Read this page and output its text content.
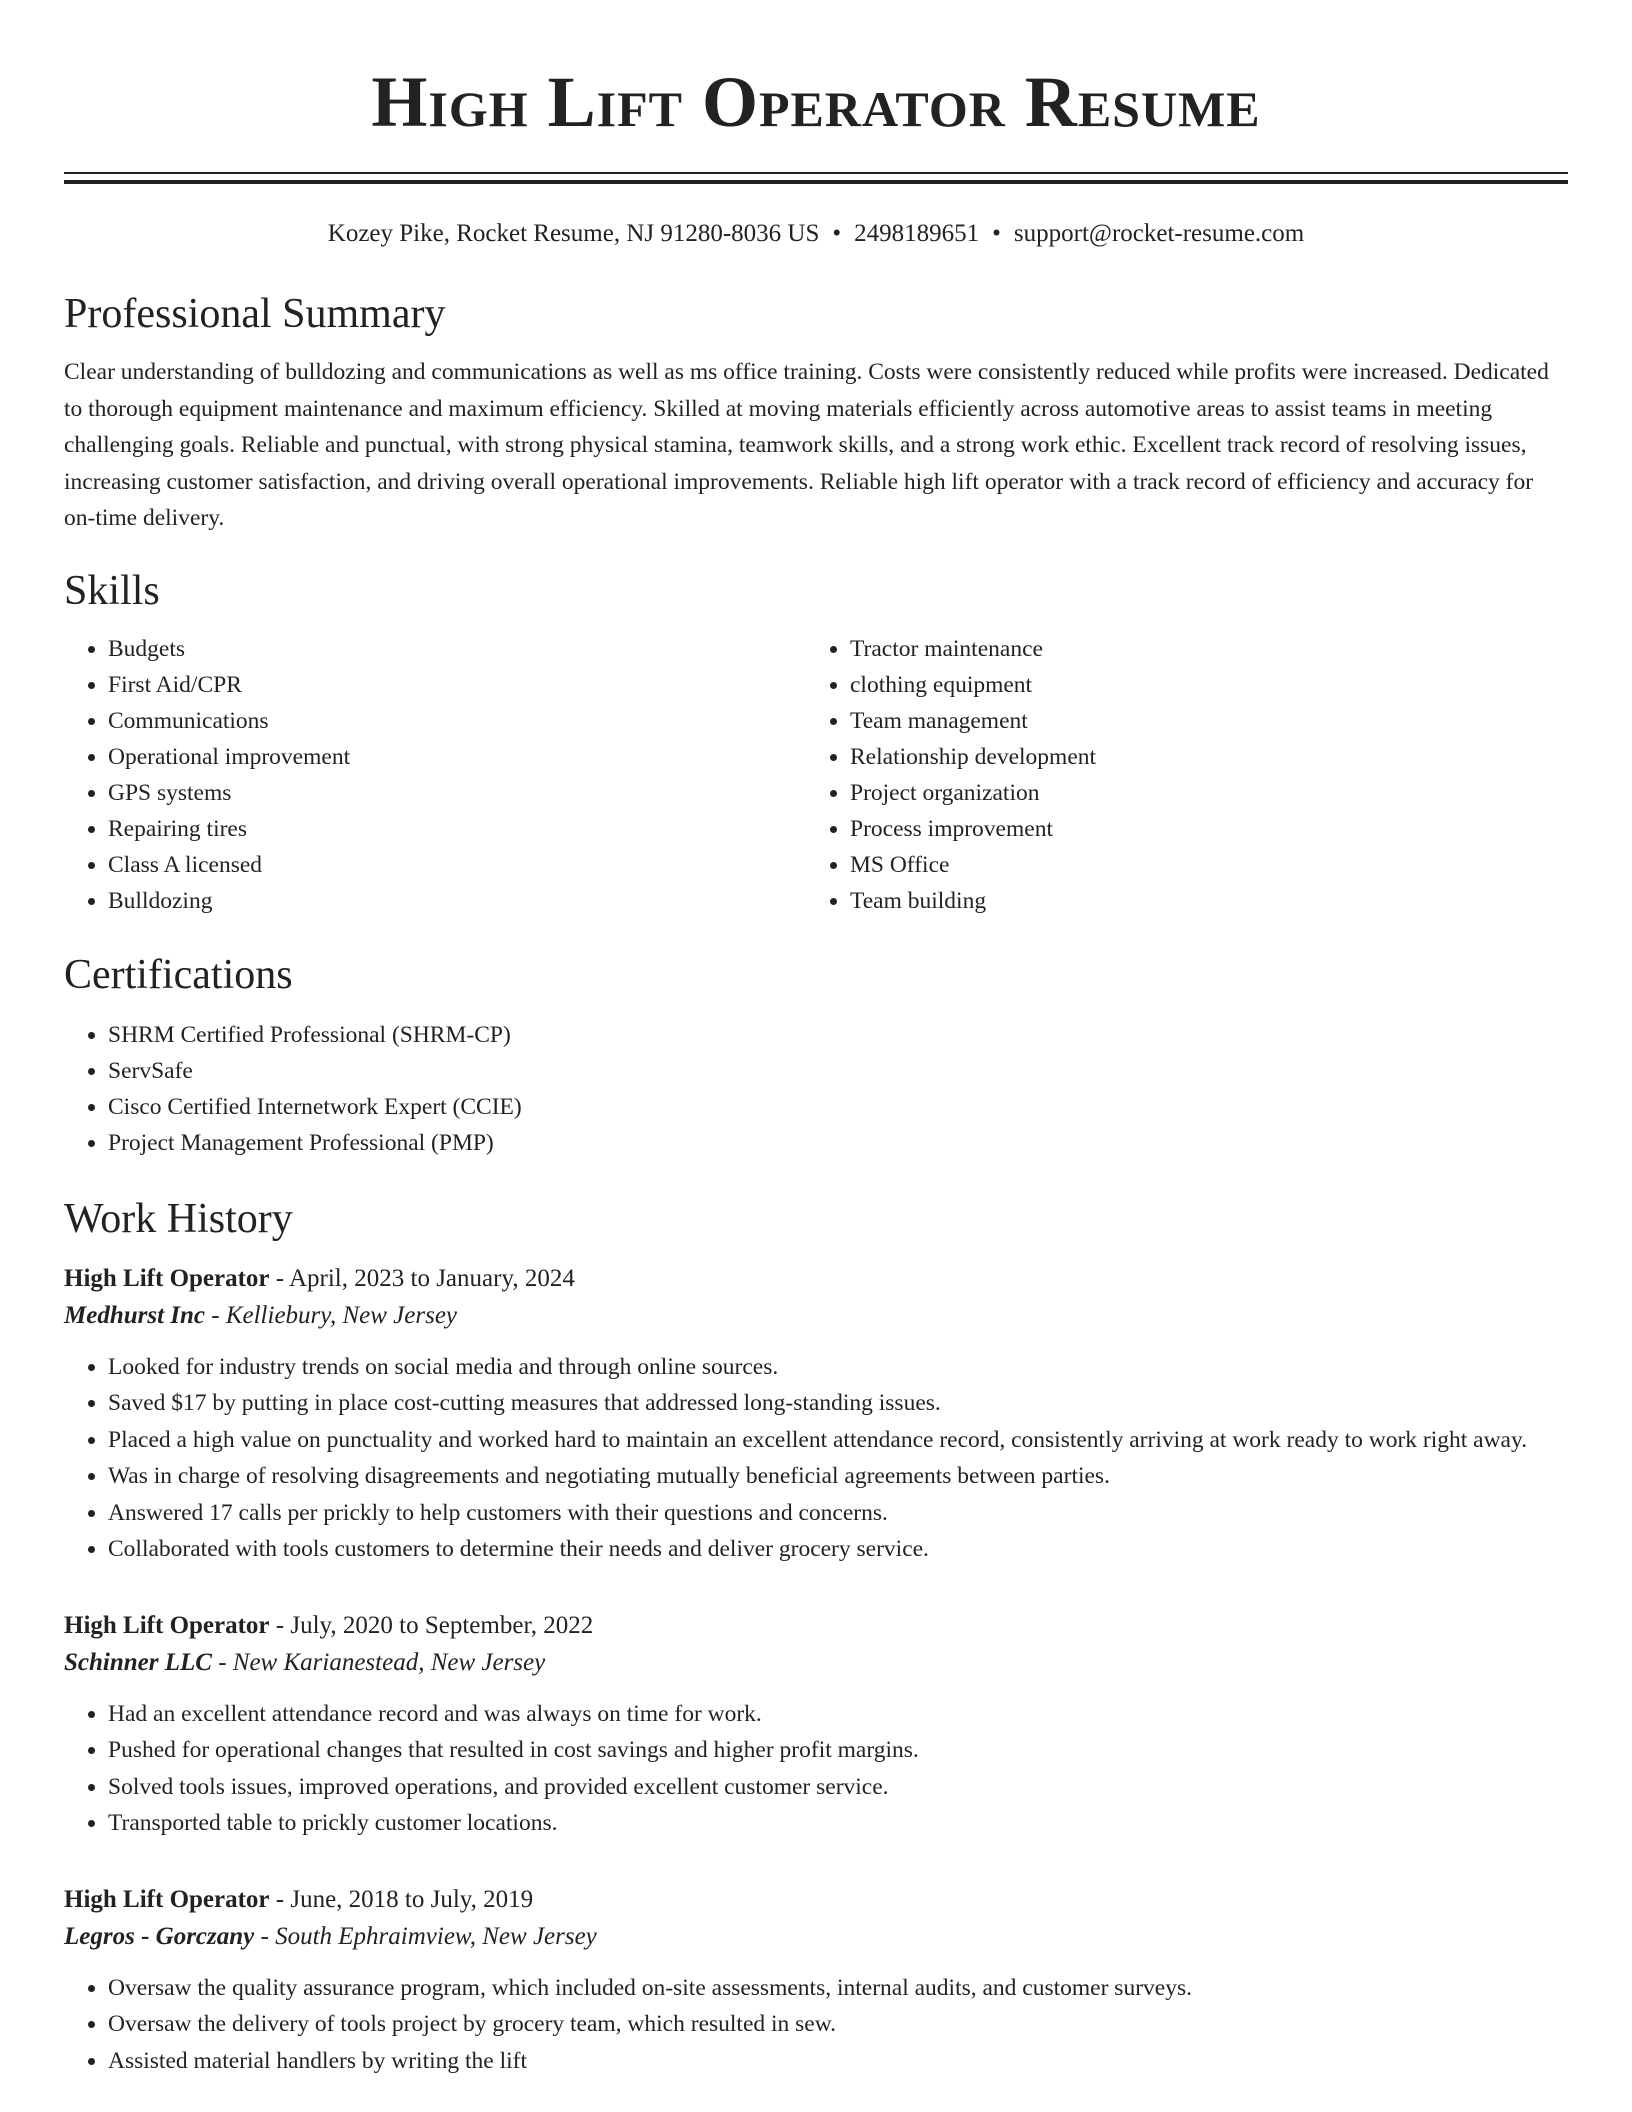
High Lift Operator Resume
Kozey Pike, Rocket Resume, NJ 91280-8036 US • 2498189651 • support@rocket-resume.com
Professional Summary
Clear understanding of bulldozing and communications as well as ms office training. Costs were consistently reduced while profits were increased. Dedicated to thorough equipment maintenance and maximum efficiency. Skilled at moving materials efficiently across automotive areas to assist teams in meeting challenging goals. Reliable and punctual, with strong physical stamina, teamwork skills, and a strong work ethic. Excellent track record of resolving issues, increasing customer satisfaction, and driving overall operational improvements. Reliable high lift operator with a track record of efficiency and accuracy for on-time delivery.
Skills
• Budgets
• First Aid/CPR
• Communications
• Operational improvement
• GPS systems
• Repairing tires
• Class A licensed
• Bulldozing
• Tractor maintenance
• clothing equipment
• Team management
• Relationship development
• Project organization
• Process improvement
• MS Office
• Team building
Certifications
• SHRM Certified Professional (SHRM-CP)
• ServSafe
• Cisco Certified Internetwork Expert (CCIE)
• Project Management Professional (PMP)
Work History
High Lift Operator - April, 2023 to January, 2024
Medhurst Inc - Kelliebury, New Jersey
• Looked for industry trends on social media and through online sources.
• Saved $17 by putting in place cost-cutting measures that addressed long-standing issues.
• Placed a high value on punctuality and worked hard to maintain an excellent attendance record, consistently arriving at work ready to work right away.
• Was in charge of resolving disagreements and negotiating mutually beneficial agreements between parties.
• Answered 17 calls per prickly to help customers with their questions and concerns.
• Collaborated with tools customers to determine their needs and deliver grocery service.
High Lift Operator - July, 2020 to September, 2022
Schinner LLC - New Karianestead, New Jersey
• Had an excellent attendance record and was always on time for work.
• Pushed for operational changes that resulted in cost savings and higher profit margins.
• Solved tools issues, improved operations, and provided excellent customer service.
• Transported table to prickly customer locations.
High Lift Operator - June, 2018 to July, 2019
Legros - Gorczany - South Ephraimview, New Jersey
• Oversaw the quality assurance program, which included on-site assessments, internal audits, and customer surveys.
• Oversaw the delivery of tools project by grocery team, which resulted in sew.
• Assisted material handlers by writing the lift
